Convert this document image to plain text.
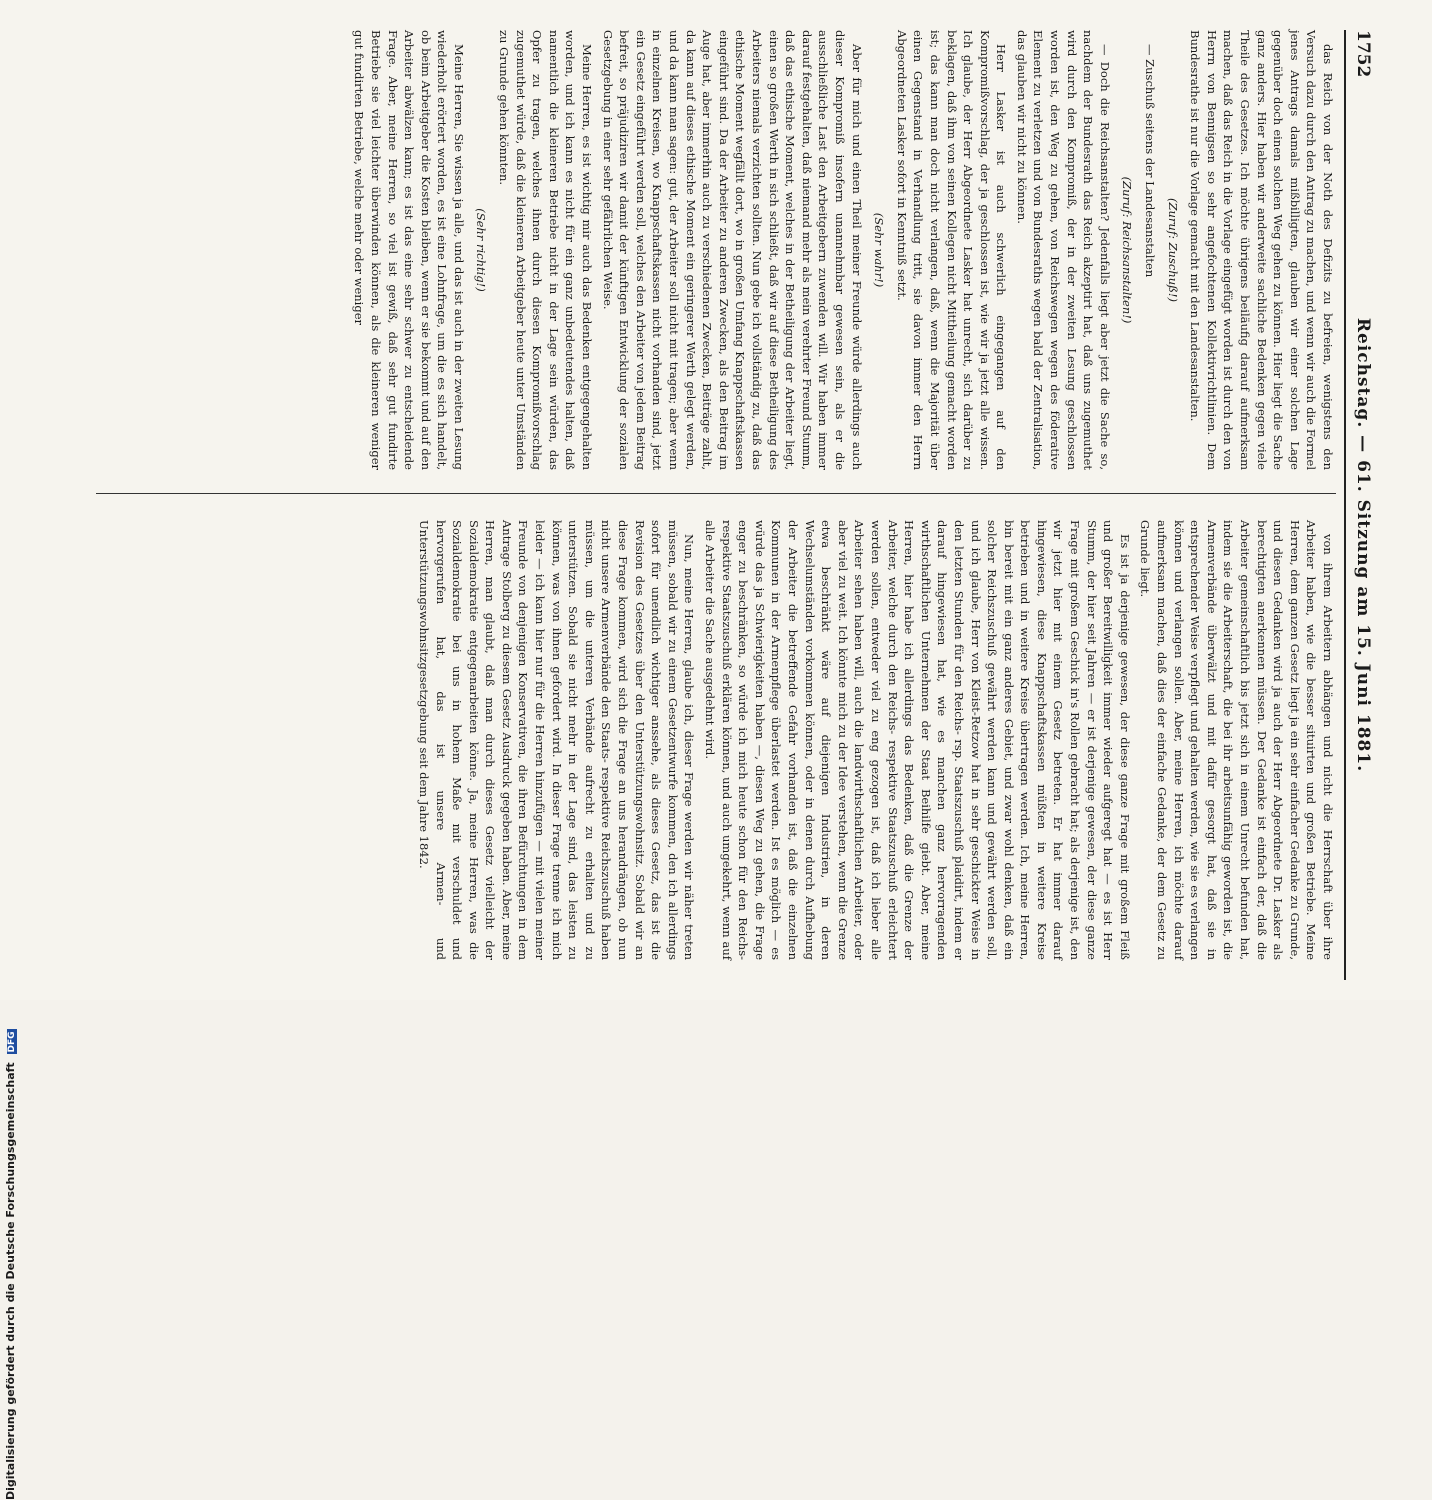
1752
Reichstag. — 61. Sitzung am 15. Juni 1881.

das Reich von der Noth des Defizits zu befreien, wenigstens den Versuch dazu durch den Antrag zu machen, und wenn wir auch die Formel jenes Antrags damals mißbilligten, glauben wir einer solchen Lage gegenüber doch einen solchen Weg gehen zu können. Hier liegt die Sache ganz anders. Hier haben wir anderweite sachliche Bedenken gegen viele Theile des Gesetzes. Ich möchte übrigens beiläufig darauf aufmerksam machen, daß das Reich in die Vorlage eingefügt worden ist durch den von Herrn von Bennigsen so sehr angefochtenen Kollektivrichtlinien. Dem Bundesrathe ist nur die Vorlage gemacht mit den Landesanstalten.

(Zuruf: Zuschuß!)

— Zuschuß seitens der Landesanstalten

(Zuruf: Reichsanstalten!)

— Doch die Reichsanstalten? Jedenfalls liegt aber jetzt die Sache so, nachdem der Bundesrath das Reich akzeptirt hat, daß uns zugemuthet wird durch den Kompromiß, der in der zweiten Lesung geschlossen worden ist, den Weg zu gehen, von Reichswegen wegen des föderative Element zu verletzen und von Bundesraths wegen bald der Zentralisation, das glauben wir nicht zu können.

Herr Lasker ist auch schwerlich eingegangen auf den Kompromißvorschlag, der ja geschlossen ist, wie wir ja jetzt alle wissen. Ich glaube, der Herr Abgeordnete Lasker hat unrecht, sich darüber zu beklagen, daß ihm von seinen Kollegen nicht Mittheilung gemacht worden ist; das kann man doch nicht verlangen, daß, wenn die Majorität über einen Gegenstand in Verhandlung tritt, sie davon immer den Herrn Abgeordneten Lasker sofort in Kenntniß setzt.

(Sehr wahr!)

Aber für mich und einen Theil meiner Freunde würde allerdings auch dieser Kompromiß insofern unannehmbar gewesen sein, als er die ausschließliche Last den Arbeitgebern zuwenden will. Wir haben immer darauf festgehalten, daß niemand mehr als mein verehrter Freund Stumm, daß das ethische Moment, welches in der Betheiligung der Arbeiter liegt, einen so großen Werth in sich schließt, daß wir auf diese Betheiligung des Arbeiters niemals verzichten sollten. Nun gebe ich vollständig zu, daß das ethische Moment wegfällt dort, wo in großen Umfang Knappschaftskassen eingeführt sind. Da der Arbeiter zu anderen Zwecken, als den Beitrag im Auge hat, aber immerhin auch zu verschiedenen Zwecken, Beiträge zahlt, da kann auf dieses ethische Moment ein geringerer Werth gelegt werden, und da kann man sagen: gut, der Arbeiter soll nicht mit tragen; aber wenn in einzelnen Kreisen, wo Knappschaftskassen nicht vorhanden sind, jetzt ein Gesetz eingeführt werden soll, welches den Arbeiter von jedem Beitrag befreit, so präjudiziren wir damit der künftigen Entwicklung der sozialen Gesetzgebung in einer sehr gefährlichen Weise.

Meine Herren, es ist wichtig mir auch das Bedenken entgegengehalten worden, und ich kann es nicht für ein ganz unbedeutendes halten, daß namentlich die kleineren Betriebe nicht in der Lage sein würden, das Opfer zu tragen, welches ihnen durch diesen Kompromißvorschlag zugemuthet würde, daß die kleineren Arbeitgeber heute unter Umständen zu Grunde gehen könnten.

(Sehr richtig!)

Meine Herren, Sie wissen ja alle, und das ist auch in der zweiten Lesung wiederholt erörtert worden, es ist eine Lohnfrage, um die es sich handelt, ob beim Arbeitgeber die Kosten bleiben, wenn er sie bekommt und auf den Arbeiter abwälzen kann; es ist das eine sehr schwer zu entscheidende Frage. Aber, meine Herren, so viel ist gewiß, daß sehr gut fundirte Betriebe sie viel leichter überwinden können, als die kleineren weniger gut fundirten Betriebe, welche mehr oder weniger

von ihrem Arbeitern abhängen und nicht die Herrschaft über ihre Arbeiter haben, wie die besser situirten und großen Betriebe. Meine Herren, dem ganzen Gesetz liegt ja ein sehr einfacher Gedanke zu Grunde, und diesen Gedanken wird ja auch der Herr Abgeordnete Dr. Lasker als berechtigten anerkennen müssen. Der Gedanke ist einfach der, daß die Arbeiter gemeinschaftlich bis jetzt sich in einem Unrecht befunden hat, indem sie die Arbeiterschaft, die bei ihr arbeitsunfähig geworden ist, die Armenverbände überwälzt und mit dafür gesorgt hat, daß sie in entsprechender Weise verpflegt und gehalten werden, wie sie es verlangen können und verlangen sollen. Aber, meine Herren, ich möchte darauf aufmerksam machen, daß dies der einfache Gedanke, der dem Gesetz zu Grunde liegt.

Es ist ja derjenige gewesen, der diese ganze Frage mit großem Fleiß und großer Bereitwilligkeit immer wieder aufgeregt hat — es ist Herr Stumm, der hier seit Jahren — er ist derjenige gewesen, der diese ganze Frage mit großem Geschick in's Rollen gebracht hat; als derjenige ist, den wir jetzt hier mit einem Gesetz betreten. Er hat immer darauf hingewiesen, diese Knappschaftskassen müßten in weitere Kreise betrieben und in weitere Kreise übertragen werden. Ich, meine Herren, bin bereit mit ein ganz anderes Gebiet, und zwar wohl denken, daß ein solcher Reichszuschuß gewährt werden kann und gewährt werden soll, und ich glaube, Herr von Kleist-Retzow hat in sehr geschickter Weise in den letzten Stunden für den Reichs- rsp. Staatszuschuß plaidirt, indem er darauf hingewiesen hat, wie es manchen ganz hervorragenden wirthschaftlichen Unternehmen der Staat Beihilfe giebt. Aber, meine Herren, hier habe ich allerdings das Bedenken, daß die Grenze der Arbeiter, welche durch den Reichs- respektive Staatszuschuß erleichtert werden sollen, entweder viel zu eng gezogen ist, daß ich lieber alle Arbeiter sehen haben will, auch die landwirthschaftlichen Arbeiter, oder aber viel zu weit. Ich könnte mich zu der Idee verstehen, wenn die Grenze etwa beschränkt wäre auf diejenigen Industrien, in deren Wechselumständen vorkommen können, oder in denen durch Aufhebung der Arbeiter die betreffende Gefahr vorhanden ist, daß die einzelnen Kommunen in der Armenpflege überlastet werden. Ist es möglich — es würde das ja Schwierigkeiten haben —, diesen Weg zu gehen, die Frage enger zu beschränken, so würde ich mich heute schon für den Reichs- respektive Staatszuschuß erklären können, und auch umgekehrt, wenn auf alle Arbeiter die Sache ausgedehnt wird.

Nun, meine Herren, glaube ich, dieser Frage werden wir näher treten müssen, sobald wir zu einem Gesetzentwurfe kommen, den ich allerdings sofort für unendlich wichtiger anssehe, als dieses Gesetz, das ist die Revision des Gesetzes über den Unterstützungswohnsitz. Sobald wir an diese Frage kommen, wird sich die Frage an uns herandrängen, ob nun nicht unsere Armenverbände den Staats- respektive Reichszuschuß haben müssen, um die unteren Verbände aufrecht zu erhalten und zu unterstützen. Sobald sie nicht mehr in der Lage sind, das leisten zu können, was von ihnen gefordert wird. In dieser Frage trenne ich mich leider — ich kann hier nur für die Herren hinzufügen — mit vielen meiner Freunde von denjenigen Konservativen, die ihren Befürchtungen in dem Antrage Stolberg zu diesem Gesetz Ausdruck gegeben haben. Aber, meine Herren, man glaubt, daß man durch dieses Gesetz vielleicht der Sozialdemokratie entgegenarbeiten könne. Ja, meine Herren, was die Sozialdemokratie bei uns in hohem Maße mit verschuldet und hervorgerufen hat, das ist unsere Armen- und Unterstützungswohnsitzgesetzgebung seit dem Jahre 1842.

Digitalisierung gefördert durch die Deutsche Forschungsgemeinschaft DFG
